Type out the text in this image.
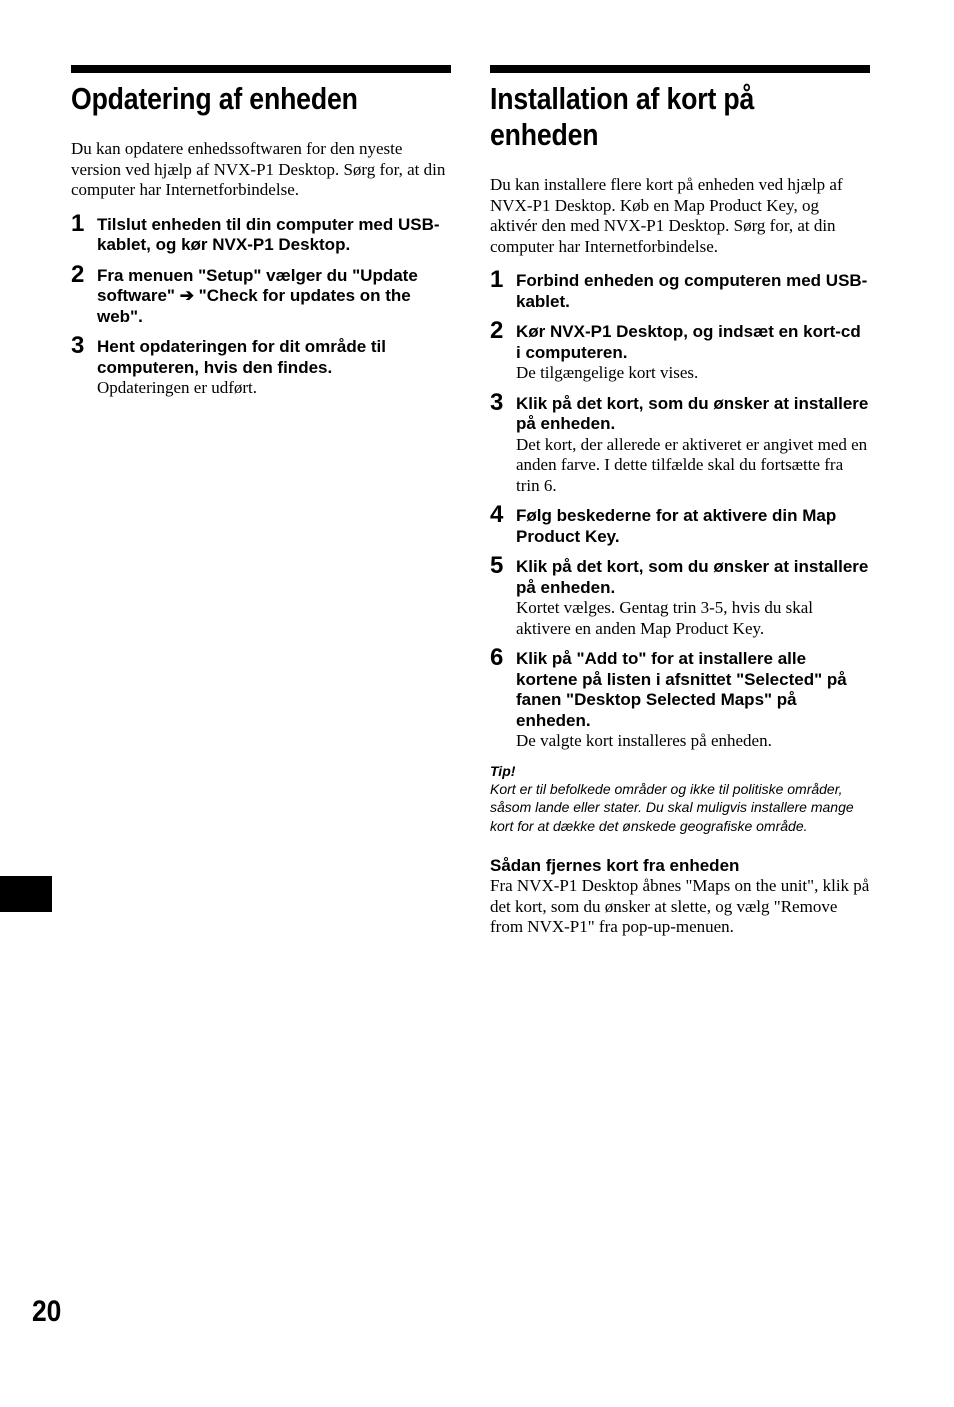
Opdatering af enheden

Du kan opdatere enhedssoftwaren for den nyeste version ved hjælp af NVX-P1 Desktop. Sørg for, at din computer har Internetforbindelse.

1 Tilslut enheden til din computer med USB-kablet, og kør NVX-P1 Desktop.
2 Fra menuen "Setup" vælger du "Update software" ➔ "Check for updates on the web".
3 Hent opdateringen for dit område til computeren, hvis den findes.
Opdateringen er udført.
Installation af kort på enheden

Du kan installere flere kort på enheden ved hjælp af NVX-P1 Desktop. Køb en Map Product Key, og aktivér den med NVX-P1 Desktop. Sørg for, at din computer har Internetforbindelse.

1 Forbind enheden og computeren med USB-kablet.
2 Kør NVX-P1 Desktop, og indsæt en kort-cd i computeren.
De tilgængelige kort vises.
3 Klik på det kort, som du ønsker at installere på enheden.
Det kort, der allerede er aktiveret er angivet med en anden farve. I dette tilfælde skal du fortsætte fra trin 6.
4 Følg beskederne for at aktivere din Map Product Key.
5 Klik på det kort, som du ønsker at installere på enheden.
Kortet vælges. Gentag trin 3-5, hvis du skal aktivere en anden Map Product Key.
6 Klik på "Add to" for at installere alle kortene på listen i afsnittet "Selected" på fanen "Desktop Selected Maps" på enheden.
De valgte kort installeres på enheden.
Tip!
Kort er til befolkede områder og ikke til politiske områder, såsom lande eller stater. Du skal muligvis installere mange kort for at dække det ønskede geografiske område.
Sådan fjernes kort fra enheden
Fra NVX-P1 Desktop åbnes "Maps on the unit", klik på det kort, som du ønsker at slette, og vælg "Remove from NVX-P1" fra pop-up-menuen.
20
